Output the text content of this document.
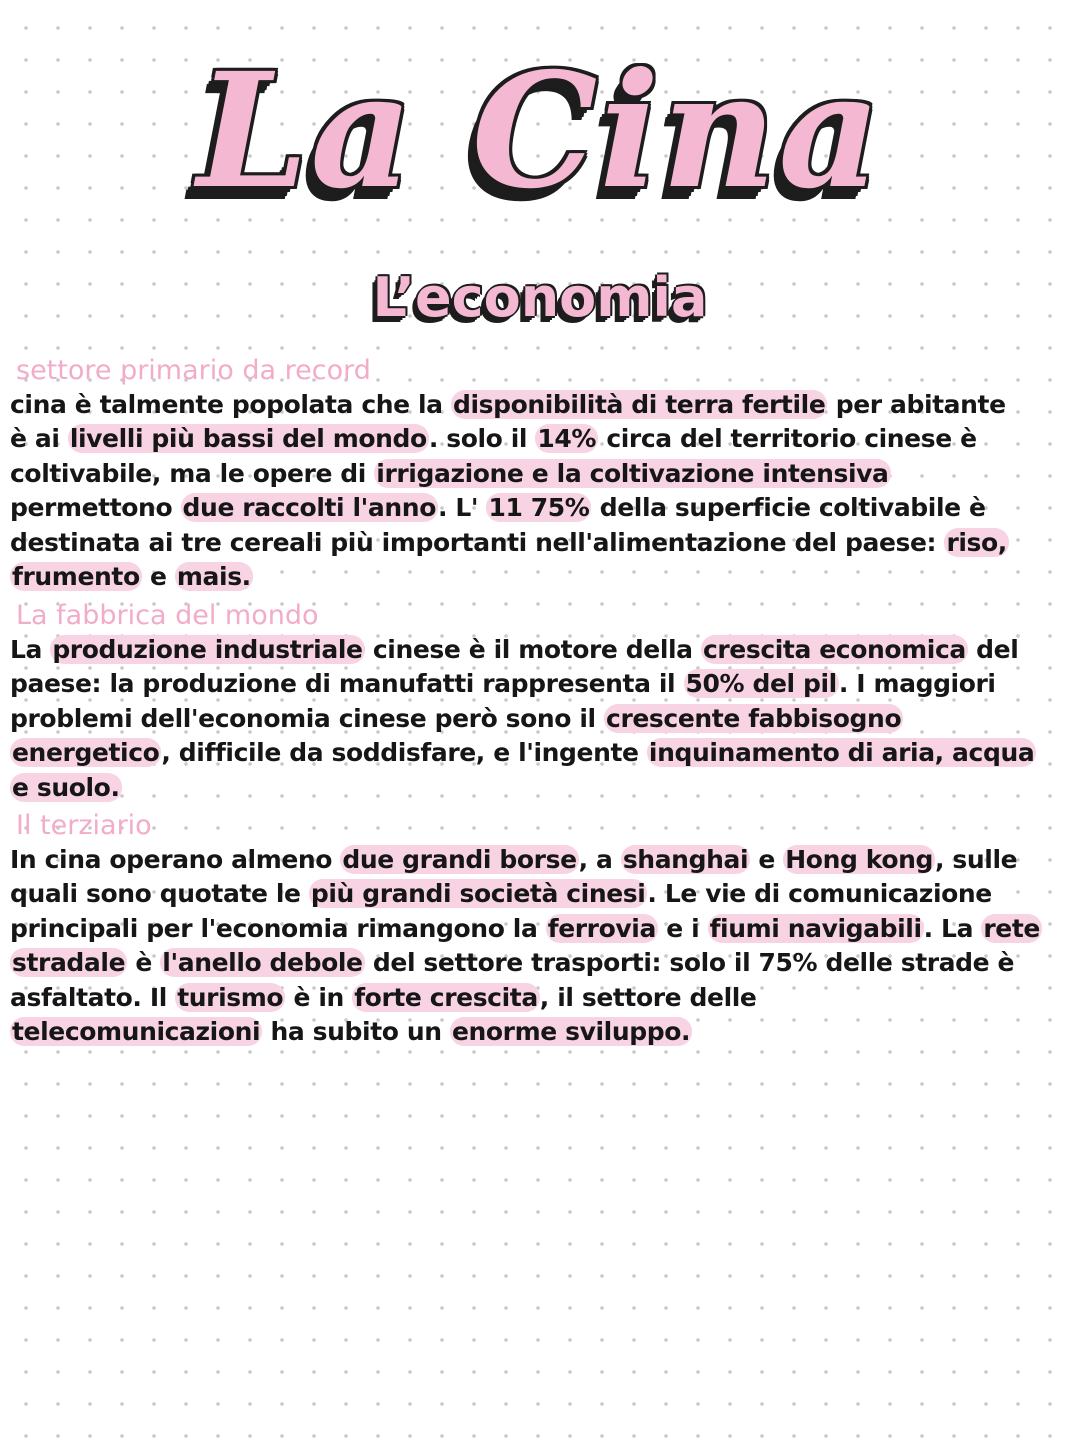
La Cina
L’economia
settore primario da record

cina è talmente popolata che la disponibilità di terra fertile per abitante
è ai livelli più bassi del mondo. solo il 14% circa del territorio cinese è
coltivabile, ma le opere di irrigazione e la coltivazione intensiva
permettono due raccolti l'anno. L' 11 75% della superficie coltivabile è
destinata ai tre cereali più importanti nell'alimentazione del paese: riso,
frumento e mais.

La fabbrica del mondo

La produzione industriale cinese è il motore della crescita economica del
paese: la produzione di manufatti rappresenta il 50% del pil. I maggiori
problemi dell'economia cinese però sono il crescente fabbisogno
energetico, difficile da soddisfare, e l'ingente inquinamento di aria, acqua
e suolo.

Il terziario

In cina operano almeno due grandi borse, a shanghai e Hong kong, sulle
quali sono quotate le più grandi società cinesi. Le vie di comunicazione
principali per l'economia rimangono la ferrovia e i fiumi navigabili. La rete
stradale è l'anello debole del settore trasporti: solo il 75% delle strade è
asfaltato. Il turismo è in forte crescita, il settore delle
telecomunicazioni ha subito un enorme sviluppo.
